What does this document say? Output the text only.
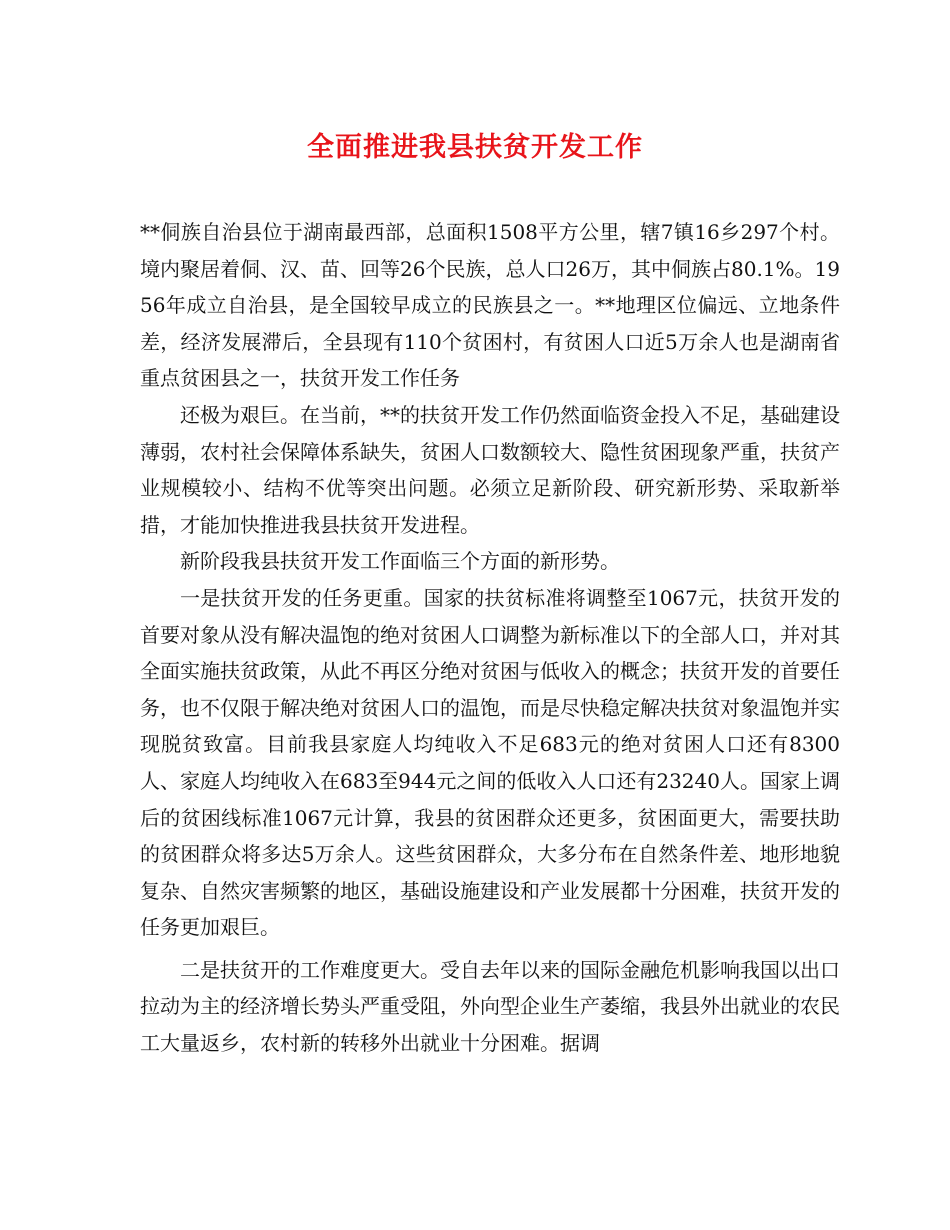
全面推进我县扶贫开发工作

**侗族自治县位于湖南最西部，总面积1508平方公里，辖7镇16乡297个村。境内聚居着侗、汉、苗、回等26个民族，总人口26万，其中侗族占80.1%。1956年成立自治县，是全国较早成立的民族县之一。**地理区位偏远、立地条件差，经济发展滞后，全县现有110个贫困村，有贫困人口近5万余人也是湖南省重点贫困县之一，扶贫开发工作任务

还极为艰巨。在当前，**的扶贫开发工作仍然面临资金投入不足，基础建设薄弱，农村社会保障体系缺失，贫困人口数额较大、隐性贫困现象严重，扶贫产业规模较小、结构不优等突出问题。必须立足新阶段、研究新形势、采取新举措，才能加快推进我县扶贫开发进程。

新阶段我县扶贫开发工作面临三个方面的新形势。

一是扶贫开发的任务更重。国家的扶贫标准将调整至1067元，扶贫开发的首要对象从没有解决温饱的绝对贫困人口调整为新标准以下的全部人口，并对其全面实施扶贫政策，从此不再区分绝对贫困与低收入的概念；扶贫开发的首要任务，也不仅限于解决绝对贫困人口的温饱，而是尽快稳定解决扶贫对象温饱并实现脱贫致富。目前我县家庭人均纯收入不足683元的绝对贫困人口还有8300人、家庭人均纯收入在683至944元之间的低收入人口还有23240人。国家上调后的贫困线标准1067元计算，我县的贫困群众还更多，贫困面更大，需要扶助的贫困群众将多达5万余人。这些贫困群众，大多分布在自然条件差、地形地貌复杂、自然灾害频繁的地区，基础设施建设和产业发展都十分困难，扶贫开发的任务更加艰巨。

二是扶贫开的工作难度更大。受自去年以来的国际金融危机影响我国以出口拉动为主的经济增长势头严重受阻，外向型企业生产萎缩，我县外出就业的农民工大量返乡，农村新的转移外出就业十分困难。据调
